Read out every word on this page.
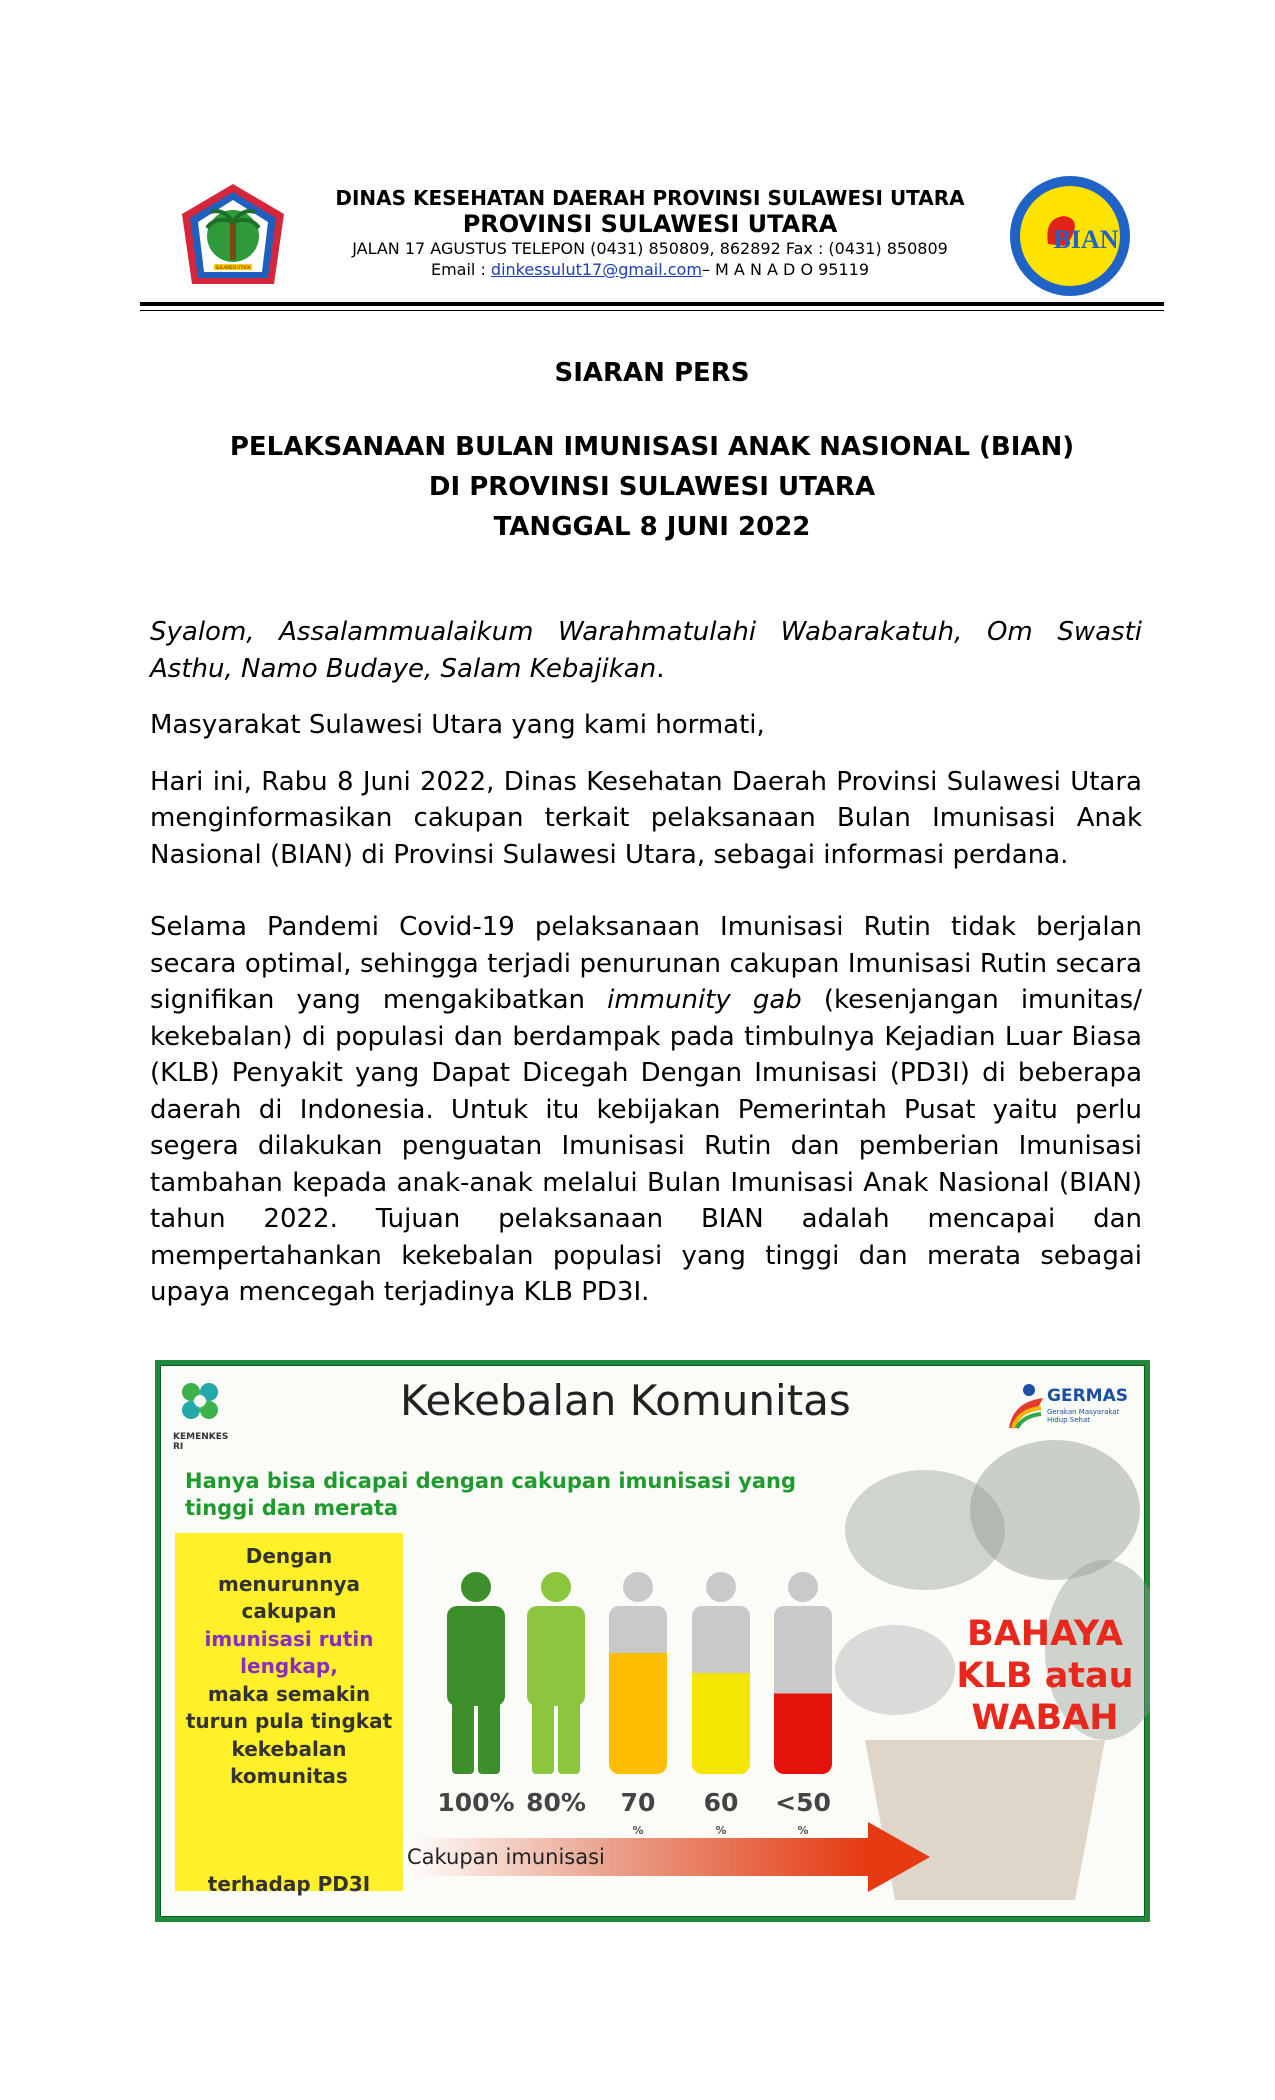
SULAWESI UTARA
DINAS KESEHATAN DAERAH PROVINSI SULAWESI UTARA
PROVINSI SULAWESI UTARA
JALAN 17 AGUSTUS TELEPON (0431) 850809, 862892 Fax : (0431) 850809
Email : dinkessulut17@gmail.com– M A N A D O 95119
BIAN
SIARAN PERS
PELAKSANAAN BULAN IMUNISASI ANAK NASIONAL (BIAN)
DI PROVINSI SULAWESI UTARA
TANGGAL 8 JUNI 2022

Syalom, Assalammualaikum Warahmatulahi Wabarakatuh, Om Swasti Asthu, Namo Budaye, Salam Kebajikan.

Masyarakat Sulawesi Utara yang kami hormati,

Hari ini, Rabu 8 Juni 2022, Dinas Kesehatan Daerah Provinsi Sulawesi Utara menginformasikan cakupan terkait pelaksanaan Bulan Imunisasi Anak Nasional (BIAN) di Provinsi Sulawesi Utara, sebagai informasi perdana.

Selama Pandemi Covid-19 pelaksanaan Imunisasi Rutin tidak berjalan secara optimal, sehingga terjadi penurunan cakupan Imunisasi Rutin secara signifikan yang mengakibatkan immunity gab (kesenjangan imunitas/ kekebalan) di populasi dan berdampak pada timbulnya Kejadian Luar Biasa (KLB) Penyakit yang Dapat Dicegah Dengan Imunisasi (PD3I) di beberapa daerah di Indonesia. Untuk itu kebijakan Pemerintah Pusat yaitu perlu segera dilakukan penguatan Imunisasi Rutin dan pemberian Imunisasi tambahan kepada anak-anak melalui Bulan Imunisasi Anak Nasional (BIAN) tahun 2022. Tujuan pelaksanaan BIAN adalah mencapai dan mempertahankan kekebalan populasi yang tinggi dan merata sebagai upaya mencegah terjadinya KLB PD3I.

Kekebalan Komunitas
KEMENKES RI
GERMAS
Gerakan Masyarakat Hidup Sehat
Hanya bisa dicapai dengan cakupan imunisasi yang tinggi dan merata
Dengan menurunnya cakupan
imunisasi rutin lengkap,
maka semakin turun pula tingkat kekebalan komunitas
terhadap PD3I
100% 80%	70	60	<50
%	%	%
BAHAYA
KLB atau
WABAH
Cakupan imunisasi
